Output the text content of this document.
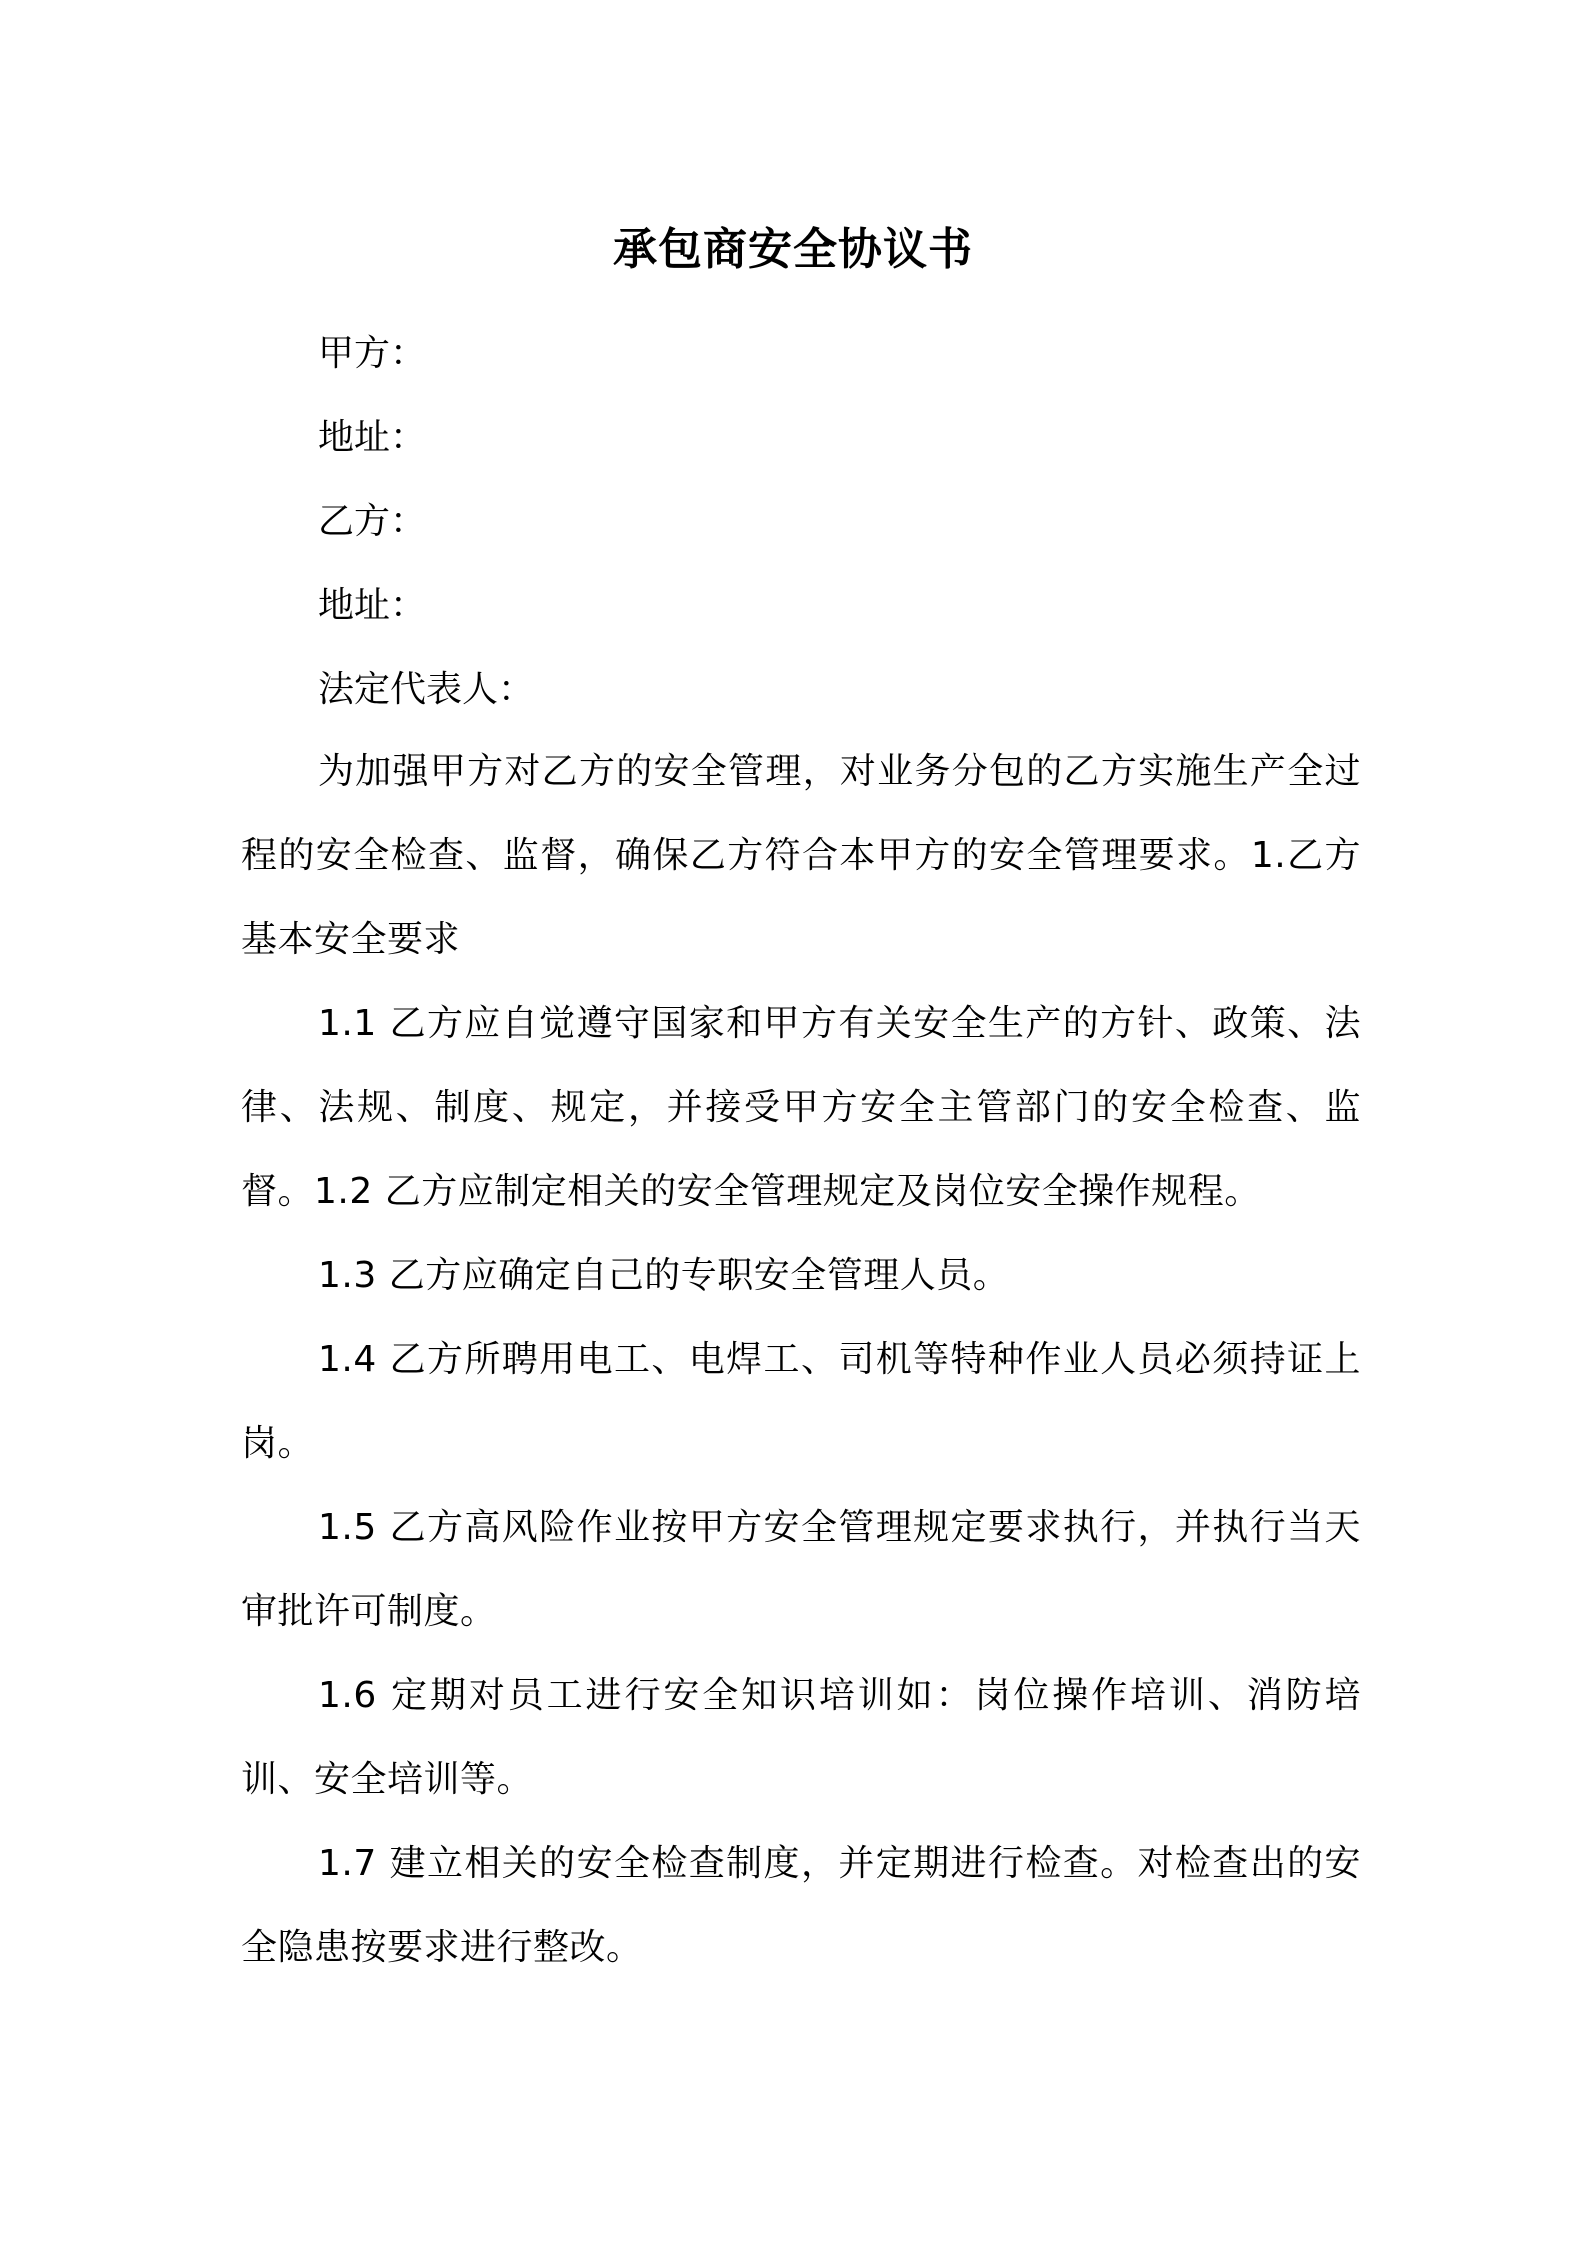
承包商安全协议书
甲方：
地址：
乙方：
地址：
法定代表人：
为加强甲方对乙方的安全管理，对业务分包的乙方实施生产全过程的安全检查、监督，确保乙方符合本甲方的安全管理要求。1.乙方基本安全要求
1.1 乙方应自觉遵守国家和甲方有关安全生产的方针、政策、法律、法规、制度、规定，并接受甲方安全主管部门的安全检查、监督。1.2 乙方应制定相关的安全管理规定及岗位安全操作规程。
1.3 乙方应确定自己的专职安全管理人员。
1.4 乙方所聘用电工、电焊工、司机等特种作业人员必须持证上岗。
1.5 乙方高风险作业按甲方安全管理规定要求执行，并执行当天审批许可制度。
1.6 定期对员工进行安全知识培训如：岗位操作培训、消防培训、安全培训等。
1.7 建立相关的安全检查制度，并定期进行检查。对检查出的安全隐患按要求进行整改。
